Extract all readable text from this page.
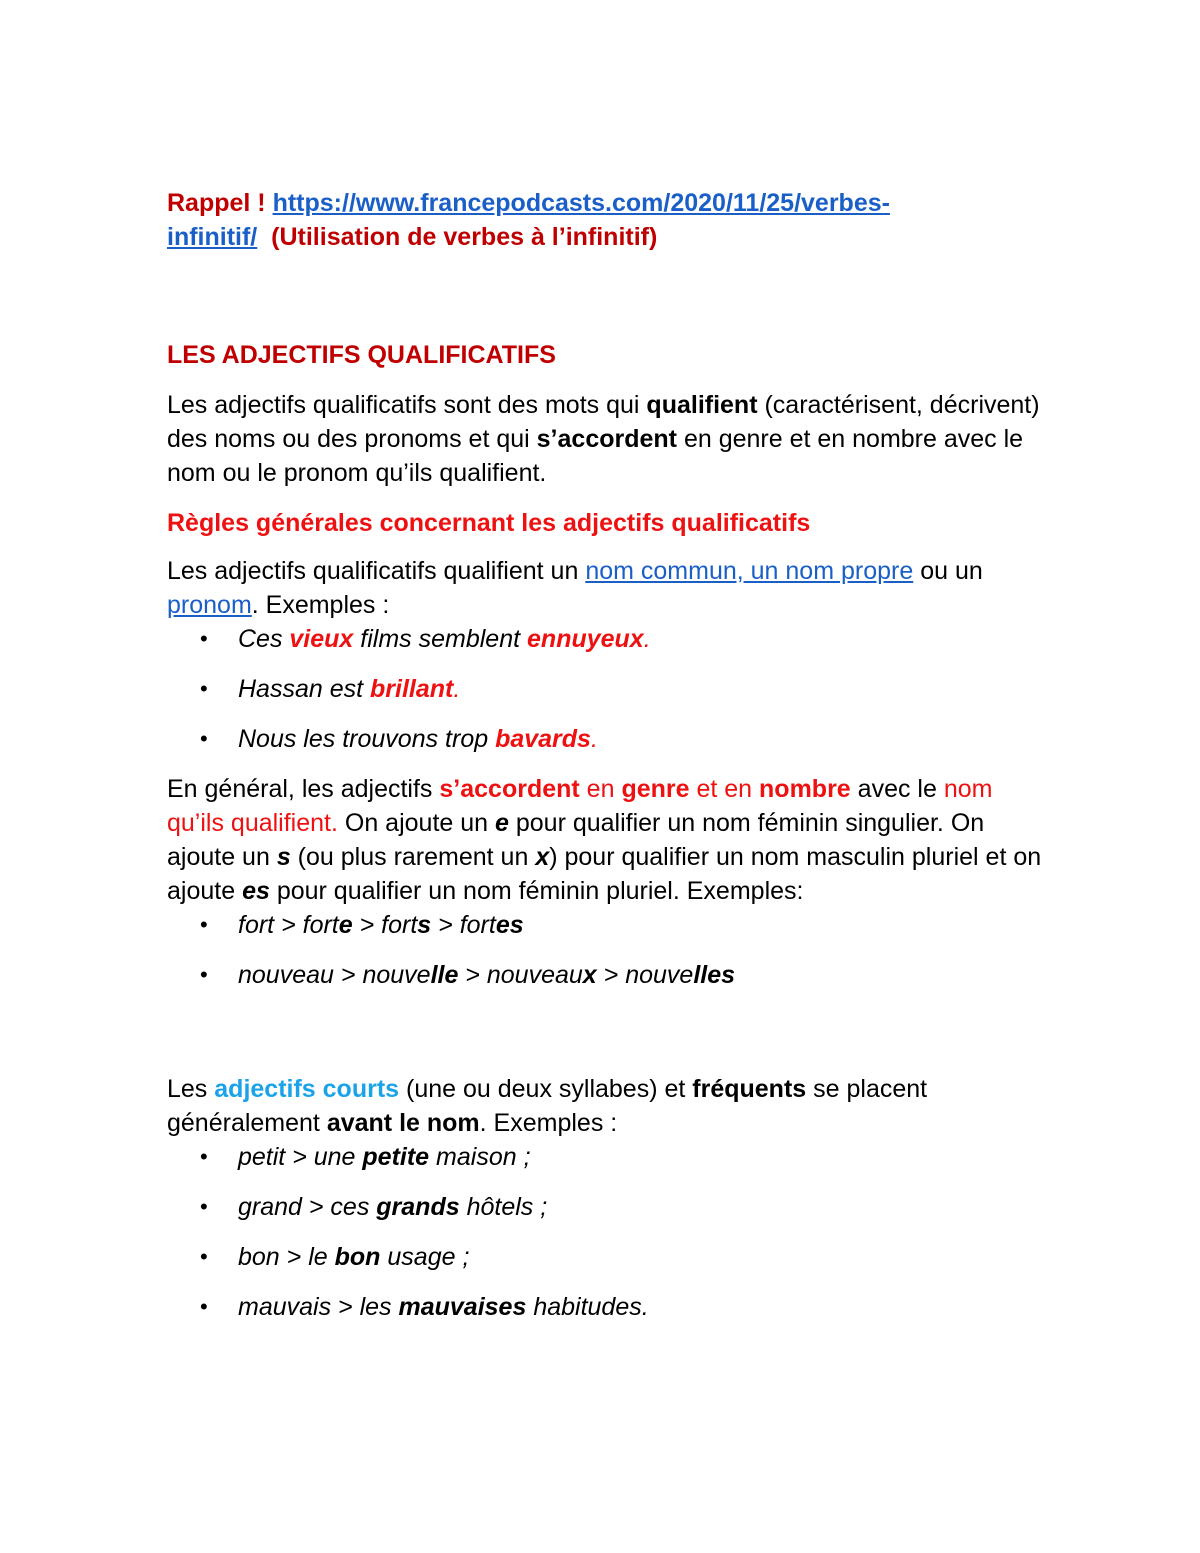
Rappel ! https://www.francepodcasts.com/2020/11/25/verbes-
infinitif/ (Utilisation de verbes à l’infinitif)

LES ADJECTIFS QUALIFICATIFS

Les adjectifs qualificatifs sont des mots qui qualifient (caractérisent, décrivent) des noms ou des pronoms et qui s’accordent en genre et en nombre avec le nom ou le pronom qu’ils qualifient.

Règles générales concernant les adjectifs qualificatifs

Les adjectifs qualificatifs qualifient un nom commun, un nom propre ou un pronom. Exemples :

• Ces vieux films semblent ennuyeux.
• Hassan est brillant.
• Nous les trouvons trop bavards.

En général, les adjectifs s’accordent en genre et en nombre avec le nom qu’ils qualifient. On ajoute un e pour qualifier un nom féminin singulier. On ajoute un s (ou plus rarement un x) pour qualifier un nom masculin pluriel et on ajoute es pour qualifier un nom féminin pluriel. Exemples:

• fort > forte > forts > fortes
• nouveau > nouvelle > nouveaux > nouvelles

Les adjectifs courts (une ou deux syllabes) et fréquents se placent généralement avant le nom. Exemples :

• petit > une petite maison ;
• grand > ces grands hôtels ;
• bon > le bon usage ;
• mauvais > les mauvaises habitudes.
